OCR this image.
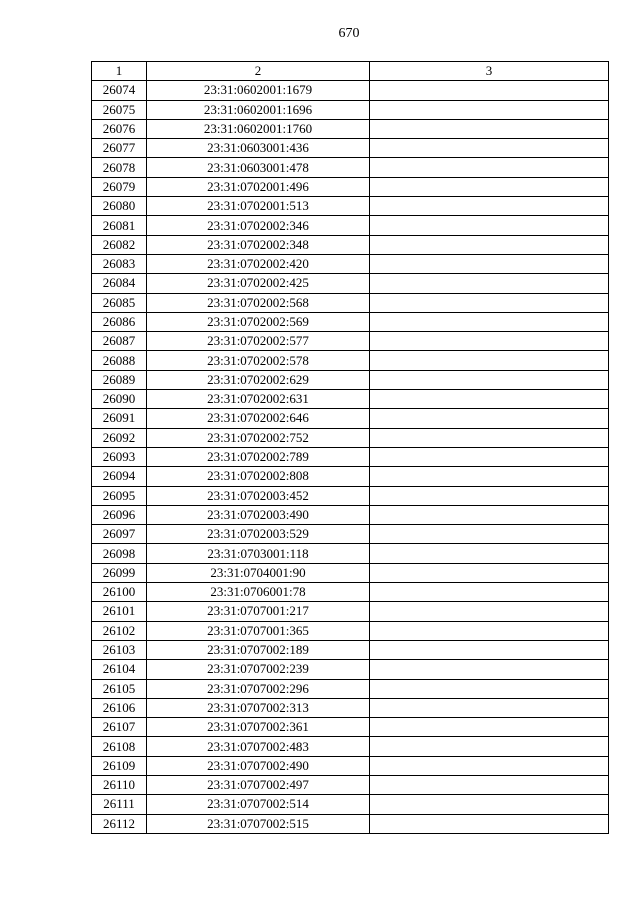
670
1	2	3
26074	23:31:0602001:1679	
26075	23:31:0602001:1696	
26076	23:31:0602001:1760	
26077	23:31:0603001:436	
26078	23:31:0603001:478	
26079	23:31:0702001:496	
26080	23:31:0702001:513	
26081	23:31:0702002:346	
26082	23:31:0702002:348	
26083	23:31:0702002:420	
26084	23:31:0702002:425	
26085	23:31:0702002:568	
26086	23:31:0702002:569	
26087	23:31:0702002:577	
26088	23:31:0702002:578	
26089	23:31:0702002:629	
26090	23:31:0702002:631	
26091	23:31:0702002:646	
26092	23:31:0702002:752	
26093	23:31:0702002:789	
26094	23:31:0702002:808	
26095	23:31:0702003:452	
26096	23:31:0702003:490	
26097	23:31:0702003:529	
26098	23:31:0703001:118	
26099	23:31:0704001:90	
26100	23:31:0706001:78	
26101	23:31:0707001:217	
26102	23:31:0707001:365	
26103	23:31:0707002:189	
26104	23:31:0707002:239	
26105	23:31:0707002:296	
26106	23:31:0707002:313	
26107	23:31:0707002:361	
26108	23:31:0707002:483	
26109	23:31:0707002:490	
26110	23:31:0707002:497	
26111	23:31:0707002:514	
26112	23:31:0707002:515	
